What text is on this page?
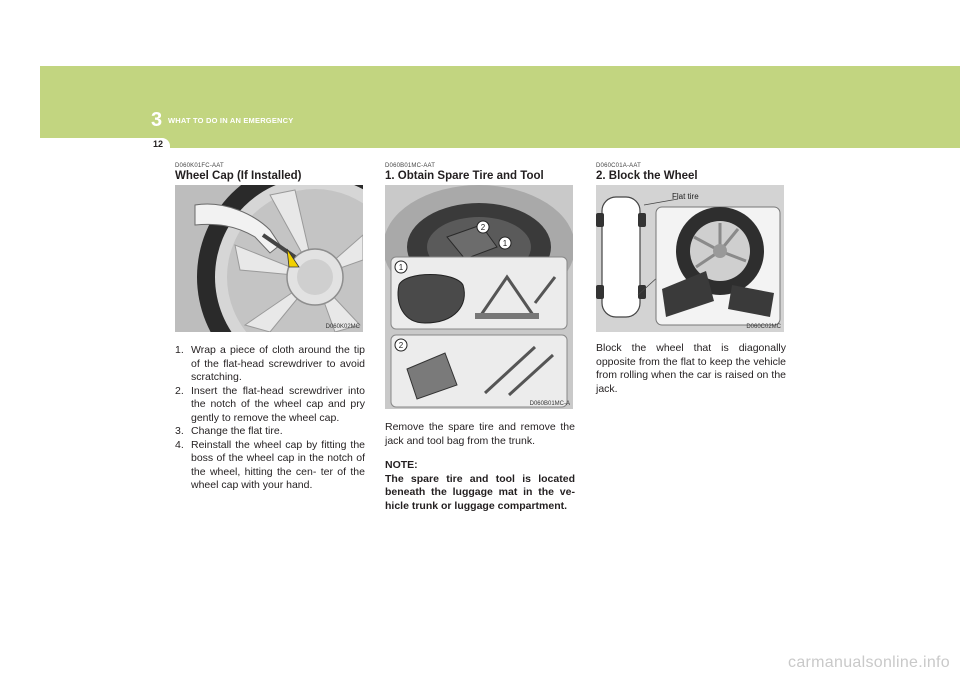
3 WHAT TO DO IN AN EMERGENCY
12
D060K01FC-AAT
Wheel Cap (If Installed)
D060K02MC
1. Wrap a piece of cloth around the tip of the flat-head screwdriver to avoid scratching.
2. Insert the flat-head screwdriver into the notch of the wheel cap and pry gently to remove the wheel cap.
3. Change the flat tire.
4. Reinstall the wheel cap by fitting the boss of the wheel cap in the notch of the wheel, hitting the cen- ter of the wheel cap with your hand.
D060B01MC-AAT
1. Obtain Spare Tire and Tool
2
1
1
2
D060B01MC-A

Remove the spare tire and remove the jack and tool bag from the trunk.

NOTE:

The spare tire and tool is located beneath the luggage mat in the ve- hicle trunk or luggage compartment.

D060C01A-AAT
2. Block the Wheel
Flat tire
D060C02MC

Block the wheel that is diagonally opposite from the flat to keep the vehicle from rolling when the car is raised on the jack.

carmanualsonline.info
